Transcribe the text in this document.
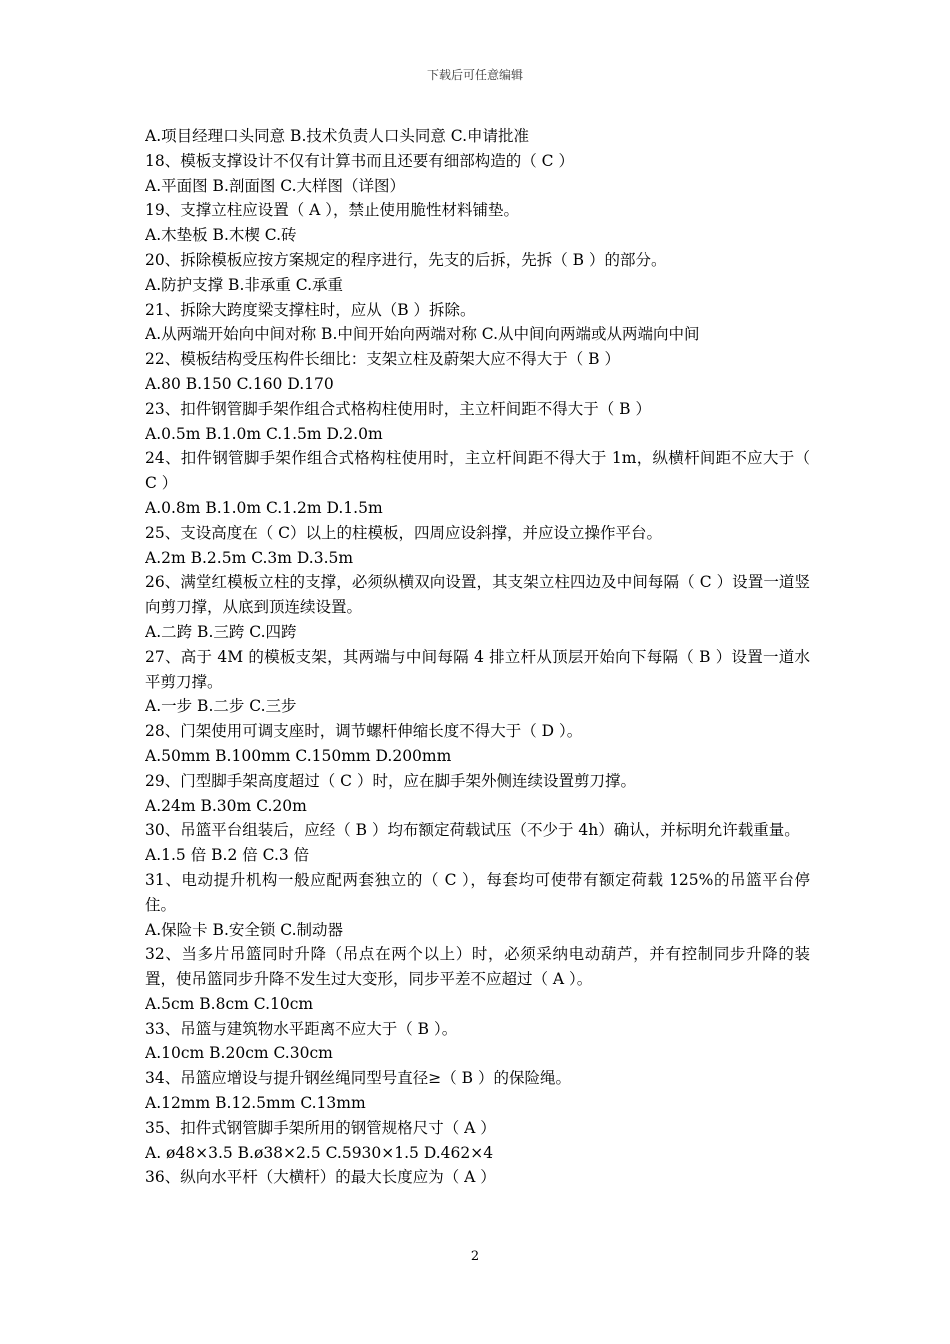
下载后可任意编辑
A.项目经理口头同意 B.技术负责人口头同意 C.申请批准
18、模板支撑设计不仅有计算书而且还要有细部构造的（ C ）
A.平面图 B.剖面图 C.大样图（详图）
19、支撑立柱应设置（ A ），禁止使用脆性材料铺垫。
A.木垫板 B.木楔 C.砖
20、拆除模板应按方案规定的程序进行，先支的后拆，先拆（ B ）的部分。
A.防护支撑 B.非承重 C.承重
21、拆除大跨度梁支撑柱时，应从（B ）拆除。
A.从两端开始向中间对称 B.中间开始向两端对称 C.从中间向两端或从两端向中间
22、模板结构受压构件长细比：支架立柱及蔚架大应不得大于（ B ）
A.80 B.150 C.160 D.170
23、扣件钢管脚手架作组合式格构柱使用时，主立杆间距不得大于（ B ）
A.0.5m B.1.0m C.1.5m D.2.0m
24、扣件钢管脚手架作组合式格构柱使用时，主立杆间距不得大于 1m，纵横杆间距不应大于（ C ）
A.0.8m B.1.0m C.1.2m D.1.5m
25、支设高度在（ C）以上的柱模板，四周应设斜撑，并应设立操作平台。
A.2m B.2.5m C.3m D.3.5m
26、满堂红模板立柱的支撑，必须纵横双向设置，其支架立柱四边及中间每隔（ C ）设置一道竖向剪刀撑，从底到顶连续设置。
A.二跨 B.三跨 C.四跨
27、高于 4M 的模板支架，其两端与中间每隔 4 排立杆从顶层开始向下每隔（ B ）设置一道水平剪刀撑。
A.一步 B.二步 C.三步
28、门架使用可调支座时，调节螺杆伸缩长度不得大于（ D ）。
A.50mm B.100mm C.150mm D.200mm
29、门型脚手架高度超过（ C ）时，应在脚手架外侧连续设置剪刀撑。
A.24m B.30m C.20m
30、吊篮平台组装后，应经（ B ）均布额定荷载试压（不少于 4h）确认，并标明允许载重量。
A.1.5 倍 B.2 倍 C.3 倍
31、电动提升机构一般应配两套独立的（ C ），每套均可使带有额定荷载 125%的吊篮平台停住。
A.保险卡 B.安全锁 C.制动器
32、当多片吊篮同时升降（吊点在两个以上）时，必须采纳电动葫芦，并有控制同步升降的装置，使吊篮同步升降不发生过大变形，同步平差不应超过（ A ）。
A.5cm B.8cm C.10cm
33、吊篮与建筑物水平距离不应大于（ B ）。
A.10cm B.20cm C.30cm
34、吊篮应增设与提升钢丝绳同型号直径≥（ B ）的保险绳。
A.12mm B.12.5mm C.13mm
35、扣件式钢管脚手架所用的钢管规格尺寸（ A ）
A. ø48×3.5 B.ø38×2.5 C.5930×1.5 D.462×4
36、纵向水平杆（大横杆）的最大长度应为（ A ）
2
